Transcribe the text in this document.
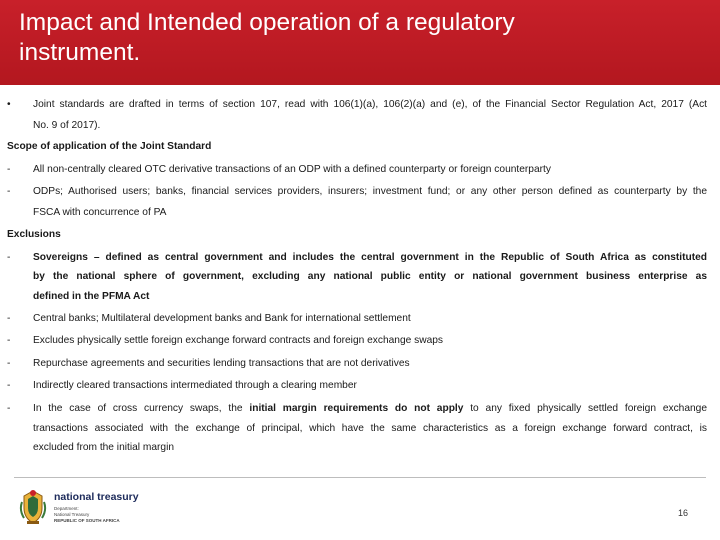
Impact and Intended operation of a regulatory instrument.
• Joint standards are drafted in terms of section 107, read with 106(1)(a), 106(2)(a) and (e), of the Financial Sector Regulation Act, 2017 (Act
No. 9 of 2017).
Scope of application of the Joint Standard
- All non-centrally cleared OTC derivative transactions of an ODP with a defined counterparty or foreign counterparty
- ODPs; Authorised users; banks, financial services providers, insurers; investment fund; or any other person defined as counterparty by the
FSCA with concurrence of PA
Exclusions
- Sovereigns – defined as central government and includes the central government in the Republic of South Africa as constituted
by the national sphere of government, excluding any national public entity or national government business enterprise as
defined in the PFMA Act
- Central banks; Multilateral development banks and Bank for international settlement
- Excludes physically settle foreign exchange forward contracts and foreign exchange swaps
- Repurchase agreements and securities lending transactions that are not derivatives
- Indirectly cleared transactions intermediated through a clearing member
- In the case of cross currency swaps, the initial margin requirements do not apply to any fixed physically settled foreign exchange
transactions associated with the exchange of principal, which have the same characteristics as a foreign exchange forward contract, is
excluded from the initial margin
national treasury
Department:
National Treasury
REPUBLIC OF SOUTH AFRICA
16
